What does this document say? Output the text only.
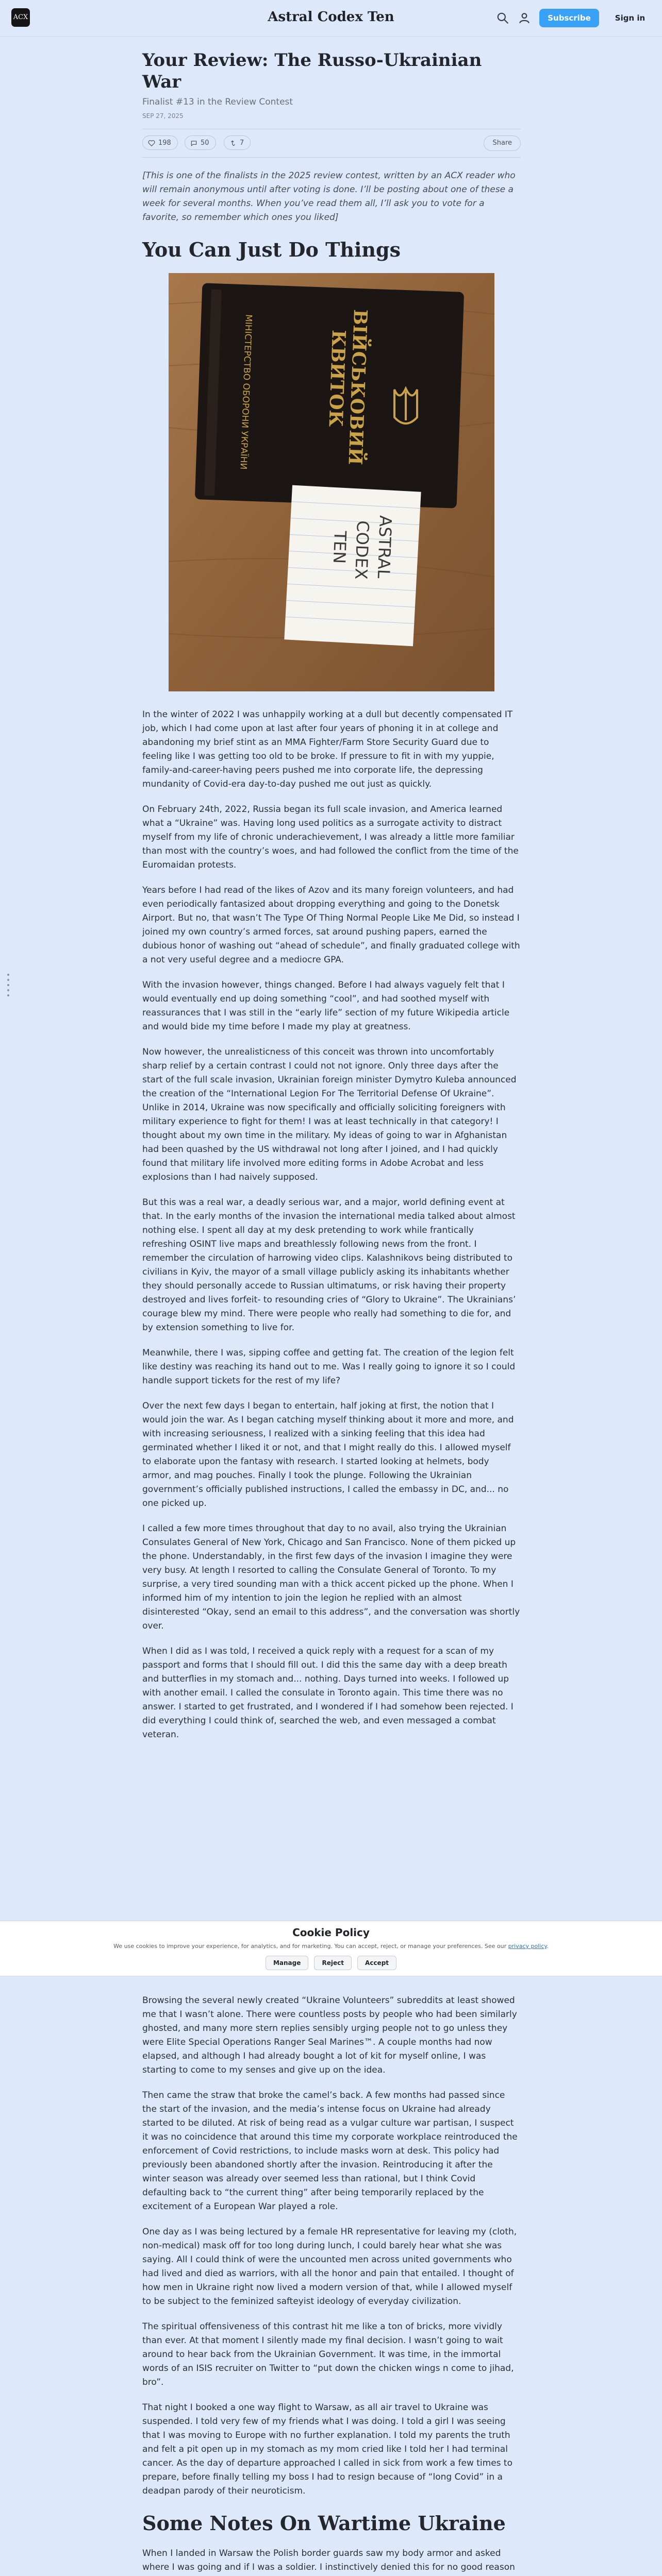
ACX	Astral Codex Ten	Subscribe	Sign in
Your Review: The Russo-Ukrainian War
Finalist #13 in the Review Contest
SEP 27, 2025
198	50	7	Share

[This is one of the finalists in the 2025 review contest, written by an ACX reader who will remain anonymous until after voting is done. I’ll be posting about one of these a week for several months. When you’ve read them all, I’ll ask you to vote for a favorite, so remember which ones you liked]

You Can Just Do Things
ВІЙСЬКОВИЙ
КВИТОК
МІНІСТЕРСТВО ОБОРОНИ УКРАЇНИ
ASTRAL
CODEX
TEN

In the winter of 2022 I was unhappily working at a dull but decently compensated IT job, which I had come upon at last after four years of phoning it in at college and abandoning my brief stint as an MMA Fighter/Farm Store Security Guard due to feeling like I was getting too old to be broke. If pressure to fit in with my yuppie, family-and-career-having peers pushed me into corporate life, the depressing mundanity of Covid-era day-to-day pushed me out just as quickly.

On February 24th, 2022, Russia began its full scale invasion, and America learned what a “Ukraine” was. Having long used politics as a surrogate activity to distract myself from my life of chronic underachievement, I was already a little more familiar than most with the country’s woes, and had followed the conflict from the time of the Euromaidan protests.

Years before I had read of the likes of Azov and its many foreign volunteers, and had even periodically fantasized about dropping everything and going to the Donetsk Airport. But no, that wasn’t The Type Of Thing Normal People Like Me Did, so instead I joined my own country’s armed forces, sat around pushing papers, earned the dubious honor of washing out “ahead of schedule”, and finally graduated college with a not very useful degree and a mediocre GPA.

With the invasion however, things changed. Before I had always vaguely felt that I would eventually end up doing something “cool”, and had soothed myself with reassurances that I was still in the “early life” section of my future Wikipedia article and would bide my time before I made my play at greatness.

Now however, the unrealisticness of this conceit was thrown into uncomfortably sharp relief by a certain contrast I could not not ignore. Only three days after the start of the full scale invasion, Ukrainian foreign minister Dymytro Kuleba announced the creation of the “International Legion For The Territorial Defense Of Ukraine”. Unlike in 2014, Ukraine was now specifically and officially soliciting foreigners with military experience to fight for them! I was at least technically in that category! I thought about my own time in the military. My ideas of going to war in Afghanistan had been quashed by the US withdrawal not long after I joined, and I had quickly found that military life involved more editing forms in Adobe Acrobat and less explosions than I had naively supposed.

But this was a real war, a deadly serious war, and a major, world defining event at that. In the early months of the invasion the international media talked about almost nothing else. I spent all day at my desk pretending to work while frantically refreshing OSINT live maps and breathlessly following news from the front. I remember the circulation of harrowing video clips. Kalashnikovs being distributed to civilians in Kyiv, the mayor of a small village publicly asking its inhabitants whether they should personally accede to Russian ultimatums, or risk having their property destroyed and lives forfeit- to resounding cries of “Glory to Ukraine”. The Ukrainians’ courage blew my mind. There were people who really had something to die for, and by extension something to live for.

Meanwhile, there I was, sipping coffee and getting fat. The creation of the legion felt like destiny was reaching its hand out to me. Was I really going to ignore it so I could handle support tickets for the rest of my life?

Over the next few days I began to entertain, half joking at first, the notion that I would join the war. As I began catching myself thinking about it more and more, and with increasing seriousness, I realized with a sinking feeling that this idea had germinated whether I liked it or not, and that I might really do this. I allowed myself to elaborate upon the fantasy with research. I started looking at helmets, body armor, and mag pouches. Finally I took the plunge. Following the Ukrainian government’s officially published instructions, I called the embassy in DC, and... no one picked up.

I called a few more times throughout that day to no avail, also trying the Ukrainian Consulates General of New York, Chicago and San Francisco. None of them picked up the phone. Understandably, in the first few days of the invasion I imagine they were very busy. At length I resorted to calling the Consulate General of Toronto. To my surprise, a very tired sounding man with a thick accent picked up the phone. When I informed him of my intention to join the legion he replied with an almost disinterested “Okay, send an email to this address”, and the conversation was shortly over.

When I did as I was told, I received a quick reply with a request for a scan of my passport and forms that I should fill out. I did this the same day with a deep breath and butterflies in my stomach and... nothing. Days turned into weeks. I followed up with another email. I called the consulate in Toronto again. This time there was no answer. I started to get frustrated, and I wondered if I had somehow been rejected. I did everything I could think of, searched the web, and even messaged a combat veteran.

Cookie Policy
We use cookies to improve your experience, for analytics, and for marketing. You can accept, reject, or manage your preferences. See our privacy policy.
Manage	Reject	Accept

Browsing the several newly created “Ukraine Volunteers” subreddits at least showed me that I wasn’t alone. There were countless posts by people who had been similarly ghosted, and many more stern replies sensibly urging people not to go unless they were Elite Special Operations Ranger Seal Marines™. A couple months had now elapsed, and although I had already bought a lot of kit for myself online, I was starting to come to my senses and give up on the idea.

Then came the straw that broke the camel’s back. A few months had passed since the start of the invasion, and the media’s intense focus on Ukraine had already started to be diluted. At risk of being read as a vulgar culture war partisan, I suspect it was no coincidence that around this time my corporate workplace reintroduced the enforcement of Covid restrictions, to include masks worn at desk. This policy had previously been abandoned shortly after the invasion. Reintroducing it after the winter season was already over seemed less than rational, but I think Covid defaulting back to “the current thing” after being temporarily replaced by the excitement of a European War played a role.

One day as I was being lectured by a female HR representative for leaving my (cloth, non-medical) mask off for too long during lunch, I could barely hear what she was saying. All I could think of were the uncounted men across united governments who had lived and died as warriors, with all the honor and pain that entailed. I thought of how men in Ukraine right now lived a modern version of that, while I allowed myself to be subject to the feminized safteyist ideology of everyday civilization.

The spiritual offensiveness of this contrast hit me like a ton of bricks, more vividly than ever. At that moment I silently made my final decision. I wasn’t going to wait around to hear back from the Ukrainian Government. It was time, in the immortal words of an ISIS recruiter on Twitter to “put down the chicken wings n come to jihad, bro”.

That night I booked a one way flight to Warsaw, as all air travel to Ukraine was suspended. I told very few of my friends what I was doing. I told a girl I was seeing that I was moving to Europe with no further explanation. I told my parents the truth and felt a pit open up in my stomach as my mom cried like I told her I had terminal cancer. As the day of departure approached I called in sick from work a few times to prepare, before finally telling my boss I had to resign because of “long Covid” in a deadpan parody of their neuroticism.

Some Notes On Wartime Ukraine

When I landed in Warsaw the Polish border guards saw my body armor and asked where I was going and if I was a soldier. I instinctively denied this for no good reason
